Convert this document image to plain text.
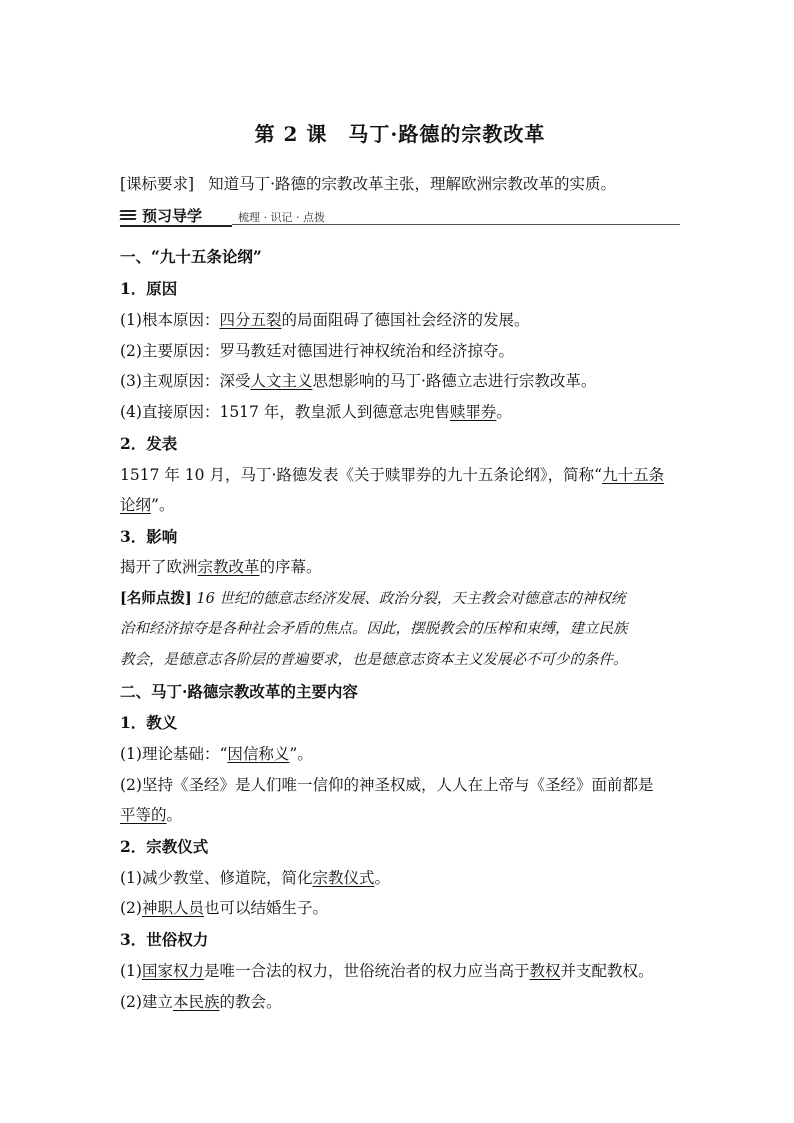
第 2 课　马丁·路德的宗教改革
[课标要求] 知道马丁·路德的宗教改革主张，理解欧洲宗教改革的实质。
预习导学	梳理 · 识记 · 点拨
一、“九十五条论纲”
1．原因
(1)根本原因：四分五裂的局面阻碍了德国社会经济的发展。
(2)主要原因：罗马教廷对德国进行神权统治和经济掠夺。
(3)主观原因：深受人文主义思想影响的马丁·路德立志进行宗教改革。
(4)直接原因：1517 年，教皇派人到德意志兜售赎罪券。
2．发表
1517 年 10 月，马丁·路德发表《关于赎罪券的九十五条论纲》，简称“九十五条
论纲”。
3．影响
揭开了欧洲宗教改革的序幕。
[名师点拨] 16 世纪的德意志经济发展、政治分裂，天主教会对德意志的神权统
治和经济掠夺是各种社会矛盾的焦点。因此，摆脱教会的压榨和束缚，建立民族
教会，是德意志各阶层的普遍要求，也是德意志资本主义发展必不可少的条件。
二、马丁·路德宗教改革的主要内容
1．教义
(1)理论基础：“因信称义”。
(2)坚持《圣经》是人们唯一信仰的神圣权威，人人在上帝与《圣经》面前都是
平等的。
2．宗教仪式
(1)减少教堂、修道院，简化宗教仪式。
(2)神职人员也可以结婚生子。
3．世俗权力
(1)国家权力是唯一合法的权力，世俗统治者的权力应当高于教权并支配教权。
(2)建立本民族的教会。
